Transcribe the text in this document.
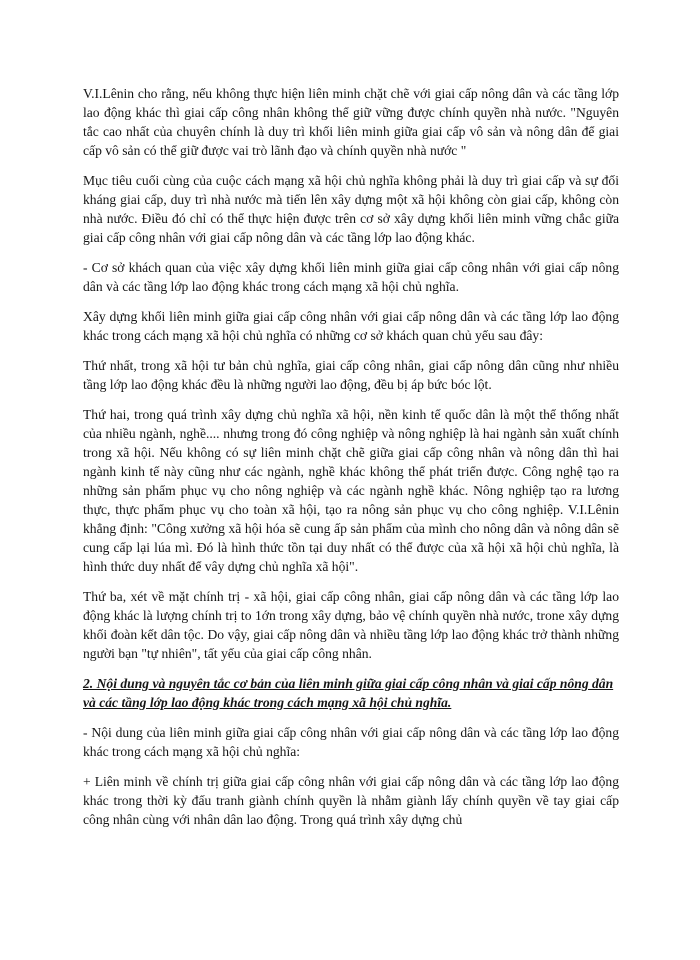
V.I.Lênin cho rằng, nếu không thực hiện liên minh chặt chẽ với giai cấp nông dân và các tầng lớp lao động khác thì giai cấp công nhân không thể giữ vững được chính quyền nhà nước. "Nguyên tắc cao nhất của chuyên chính là duy trì khối liên minh giữa giai cấp vô sản và nông dân để giai cấp vô sản có thể giữ được vai trò lãnh đạo và chính quyền nhà nước "

Mục tiêu cuối cùng của cuộc cách mạng xã hội chủ nghĩa không phải là duy trì giai cấp và sự đối kháng giai cấp, duy trì nhà nước mà tiến lên xây dựng một xã hội không còn giai cấp, không còn nhà nước. Điều đó chỉ có thể thực hiện được trên cơ sở xây dựng khối liên minh vững chắc giữa giai cấp công nhân với giai cấp nông dân và các tầng lớp lao động khác.

- Cơ sở khách quan của việc xây dựng khối liên minh giữa giai cấp công nhân với giai cấp nông dân và các tầng lớp lao động khác trong cách mạng xã hội chủ nghĩa.

Xây dựng khối liên minh giữa giai cấp công nhân với giai cấp nông dân và các tầng lớp lao động khác trong cách mạng xã hội chủ nghĩa có những cơ sở khách quan chủ yếu sau đây:

Thứ nhất, trong xã hội tư bản chủ nghĩa, giai cấp công nhân, giai cấp nông dân cũng như nhiều tầng lớp lao động khác đều là những người lao động, đều bị áp bức bóc lột.

Thứ hai, trong quá trình xây dựng chủ nghĩa xã hội, nền kinh tế quốc dân là một thể thống nhất của nhiều ngành, nghề.... nhưng trong đó công nghiệp và nông nghiệp là hai ngành sản xuất chính trong xã hội. Nếu không có sự liên minh chặt chẽ giữa giai cấp công nhân và nông dân thì hai ngành kinh tế này cũng như các ngành, nghề khác không thể phát triển được. Công nghệ tạo ra những sản phẩm phục vụ cho nông nghiệp và các ngành nghề khác. Nông nghiệp tạo ra lương thực, thực phẩm phục vụ cho toàn xã hội, tạo ra nông sản phục vụ cho công nghiệp. V.I.Lênin khẳng định: "Công xưởng xã hội hóa sẽ cung ấp sản phẩm của mình cho nông dân và nông dân sẽ cung cấp lại lúa mì. Đó là hình thức tồn tại duy nhất có thể được của xã hội xã hội chủ nghĩa, là hình thức duy nhất để vây dựng chủ nghĩa xã hội".

Thứ ba, xét về mặt chính trị - xã hội, giai cấp công nhân, giai cấp nông dân và các tầng lớp lao động khác là lượng chính trị to 1ớn trong xây dựng, bảo vệ chính quyền nhà nước, trone xây dựng khối đoàn kết dân tộc. Do vậy, giai cấp nông dân và nhiều tầng lớp lao động khác trở thành những người bạn "tự nhiên", tất yếu của giai cấp công nhân.

2. Nội dung và nguyên tắc cơ bản của liên minh giữa giai cấp công nhân và giai cấp nông dân và các tầng lớp lao động khác trong cách mạng xã hội chủ nghĩa.

- Nội dung của liên minh giữa giai cấp công nhân với giai cấp nông dân và các tầng lớp lao động khác trong cách mạng xã hội chủ nghĩa:

+ Liên minh về chính trị giữa giai cấp công nhân với giai cấp nông dân và các tầng lớp lao động khác trong thời kỳ đấu tranh giành chính quyền là nhằm giành lấy chính quyền về tay giai cấp công nhân cùng với nhân dân lao động. Trong quá trình xây dựng chủ
